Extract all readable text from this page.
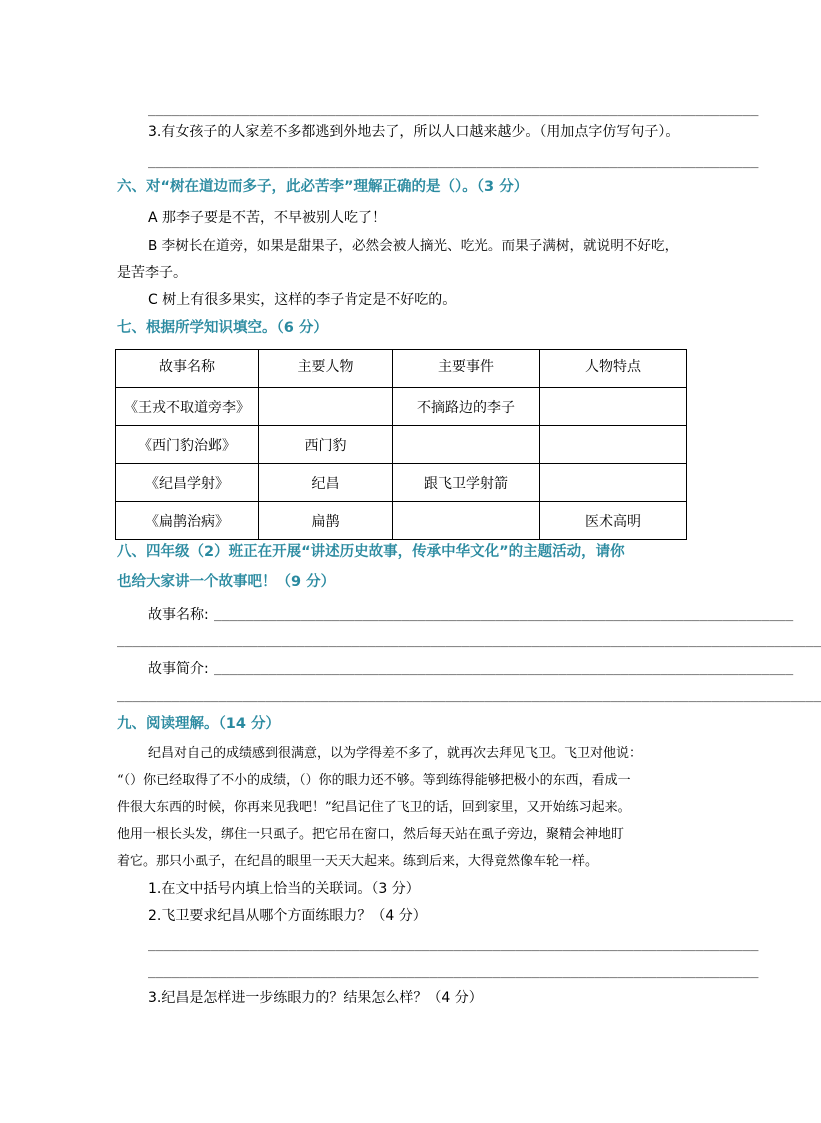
______________________________________________________________________________
3.有女孩子的人家差不多都逃到外地去了，所以人口越来越少。（用加点字仿写句子）。
______________________________________________________________________________
六、对“树在道边而多子，此必苦李”理解正确的是（）。（3 分）
A 那李子要是不苦，不早被别人吃了！
B 李树长在道旁，如果是甜果子，必然会被人摘光、吃光。而果子满树，就说明不好吃，
是苦李子。
C 树上有很多果实，这样的李子肯定是不好吃的。
七、根据所学知识填空。（6 分）
故事名称	主要人物	主要事件	人物特点
《王戎不取道旁李》		不摘路边的李子	
《西门豹治邺》	西门豹		
《纪昌学射》	纪昌	跟飞卫学射箭	
《扁鹊治病》	扁鹊		医术高明
八、四年级（2）班正在开展“讲述历史故事，传承中华文化”的主题活动，请你
也给大家讲一个故事吧！（9 分）
故事名称: __________________________________________________________________________
__________________________________________________________________________________________
故事简介: __________________________________________________________________________
__________________________________________________________________________________________
九、阅读理解。（14 分）
纪昌对自己的成绩感到很满意，以为学得差不多了，就再次去拜见飞卫。飞卫对他说：
“（）你已经取得了不小的成绩，（）你的眼力还不够。等到练得能够把极小的东西，看成一
件很大东西的时候，你再来见我吧！”纪昌记住了飞卫的话，回到家里，又开始练习起来。
他用一根长头发，绑住一只虱子。把它吊在窗口，然后每天站在虱子旁边，聚精会神地盯
着它。那只小虱子，在纪昌的眼里一天天大起来。练到后来，大得竟然像车轮一样。
1.在文中括号内填上恰当的关联词。（3 分）
2.飞卫要求纪昌从哪个方面练眼力？（4 分）
______________________________________________________________________________
______________________________________________________________________________
3.纪昌是怎样进一步练眼力的？结果怎么样？（4 分）
